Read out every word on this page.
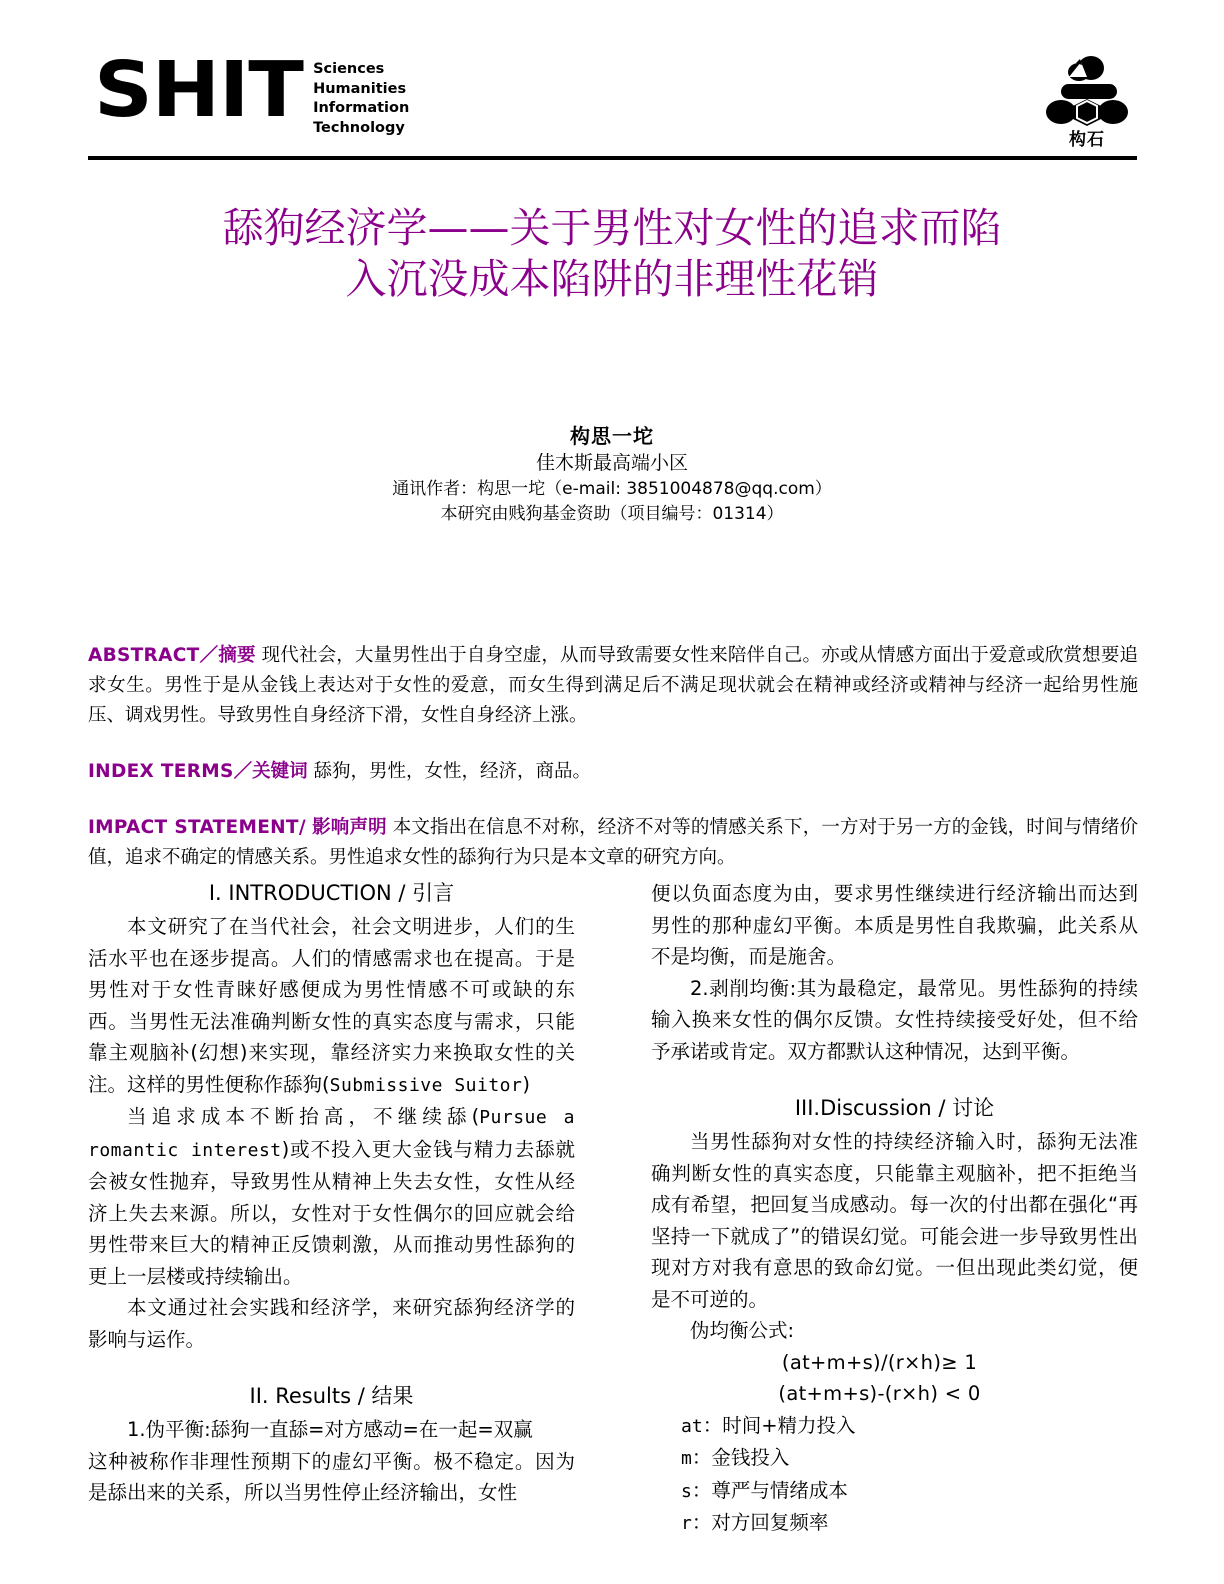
SHIT Sciences
Humanities
Information
Technology
构石
舔狗经济学——关于男性对女性的追求而陷
入沉没成本陷阱的非理性花销
构思一坨
佳木斯最高端小区
通讯作者：构思一坨（e-mail: 3851004878@qq.com）
本研究由贱狗基金资助（项目编号：01314）

ABSTRACT／摘要 现代社会，大量男性出于自身空虚，从而导致需要女性来陪伴自己。亦或从情感方面出于爱意或欣赏想要追求女生。男性于是从金钱上表达对于女性的爱意，而女生得到满足后不满足现状就会在精神或经济或精神与经济一起给男性施压、调戏男性。导致男性自身经济下滑，女性自身经济上涨。

INDEX TERMS／关键词 舔狗，男性，女性，经济，商品。

IMPACT STATEMENT/ 影响声明 本文指出在信息不对称，经济不对等的情感关系下，一方对于另一方的金钱，时间与情绪价值，追求不确定的情感关系。男性追求女性的舔狗行为只是本文章的研究方向。

I. INTRODUCTION / 引言

本文研究了在当代社会，社会文明进步，人们的生活水平也在逐步提高。人们的情感需求也在提高。于是男性对于女性青睐好感便成为男性情感不可或缺的东西。当男性无法准确判断女性的真实态度与需求，只能靠主观脑补(幻想)来实现，靠经济实力来换取女性的关注。这样的男性便称作舔狗(Submissive Suitor)

当追求成本不断抬高，不继续舔(Pursue a romantic interest)或不投入更大金钱与精力去舔就会被女性抛弃，导致男性从精神上失去女性，女性从经济上失去来源。所以，女性对于女性偶尔的回应就会给男性带来巨大的精神正反馈刺激，从而推动男性舔狗的更上一层楼或持续输出。

本文通过社会实践和经济学，来研究舔狗经济学的影响与运作。

II. Results / 结果

1.伪平衡:舔狗一直舔=对方感动=在一起=双赢

这种被称作非理性预期下的虚幻平衡。极不稳定。因为是舔出来的关系，所以当男性停止经济输出，女性

便以负面态度为由，要求男性继续进行经济输出而达到男性的那种虚幻平衡。本质是男性自我欺骗，此关系从不是均衡，而是施舍。

2.剥削均衡:其为最稳定，最常见。男性舔狗的持续输入换来女性的偶尔反馈。女性持续接受好处，但不给予承诺或肯定。双方都默认这种情况，达到平衡。

III.Discussion / 讨论

当男性舔狗对女性的持续经济输入时，舔狗无法准确判断女性的真实态度，只能靠主观脑补，把不拒绝当成有希望，把回复当成感动。每一次的付出都在强化“再坚持一下就成了”的错误幻觉。可能会进一步导致男性出现对方对我有意思的致命幻觉。一但出现此类幻觉，便是不可逆的。

伪均衡公式:

(at+m+s)/(r×h)≥ 1

(at+m+s)-(r×h) < 0

at：时间+精力投入

m：金钱投入

s：尊严与情绪成本

r：对方回复频率
